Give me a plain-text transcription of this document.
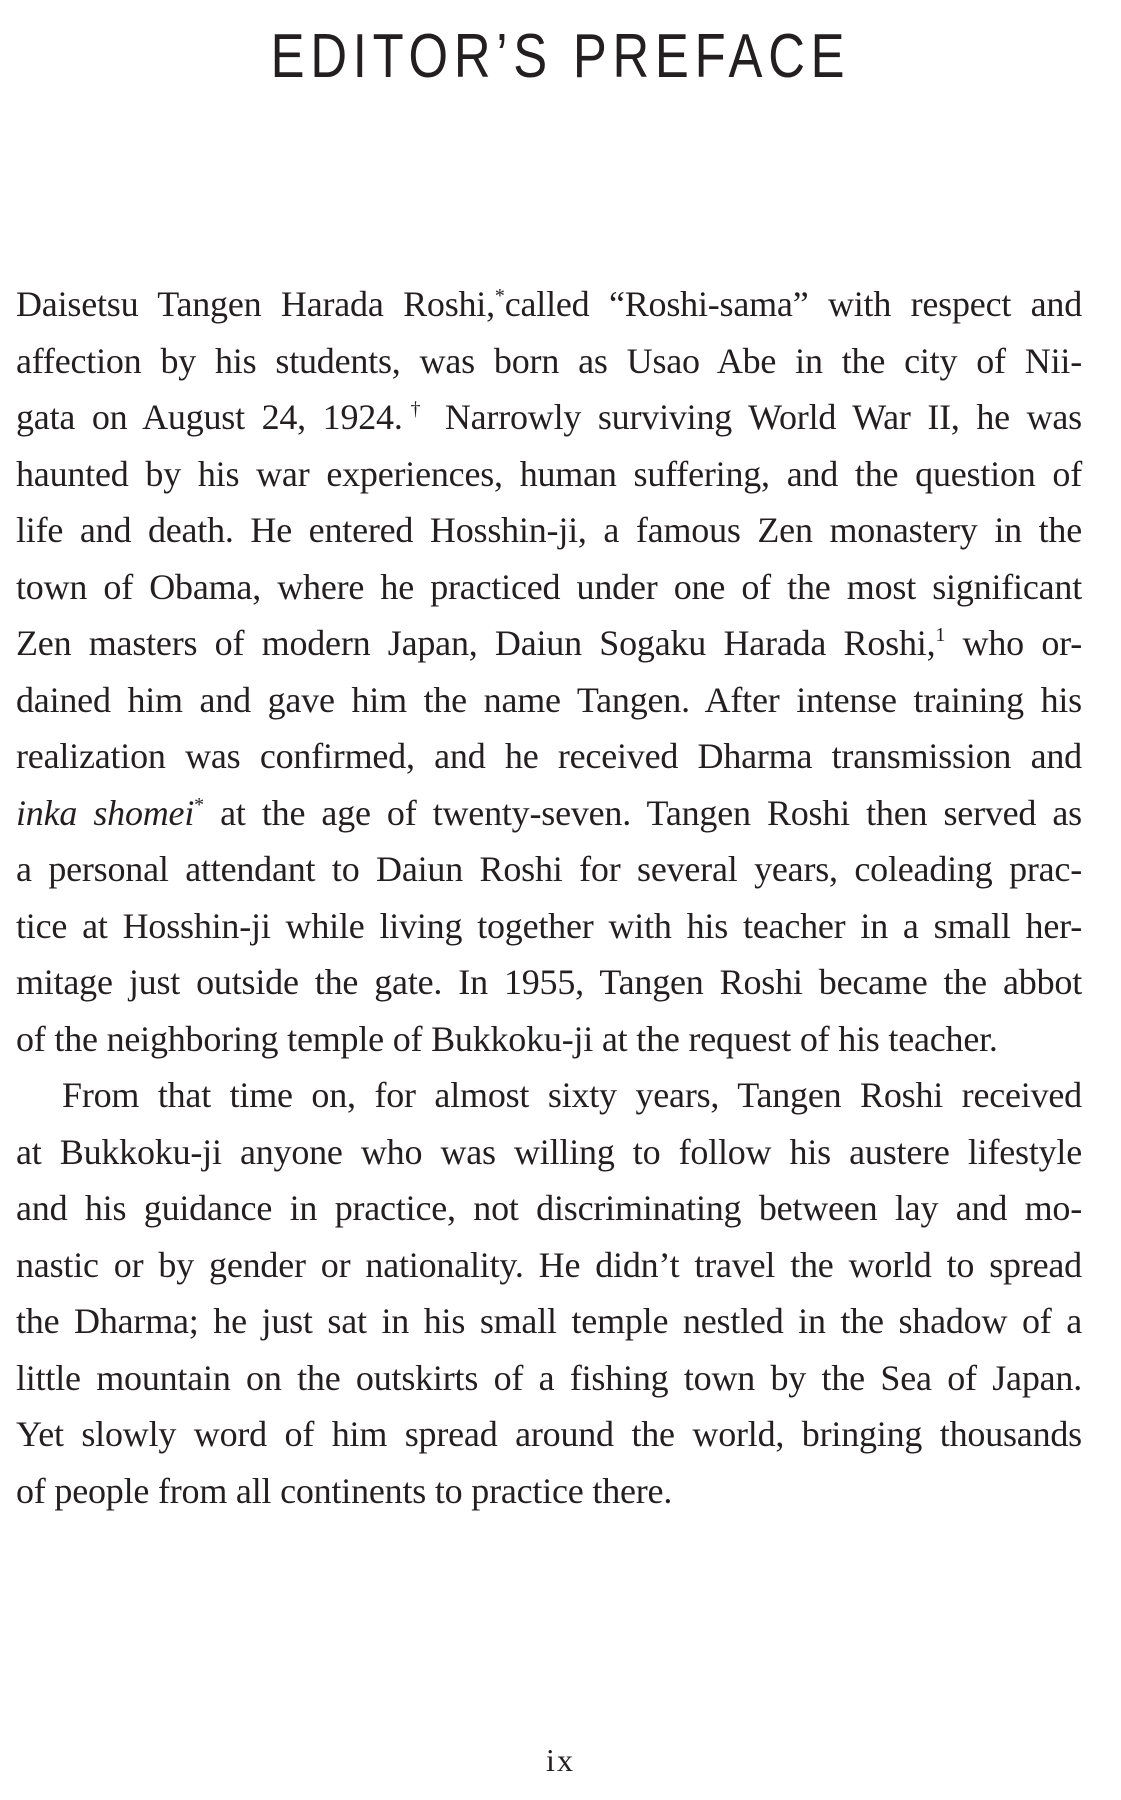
EDITOR’S PREFACE

Daisetsu Tangen Harada Roshi,*called “Roshi-sama” with respect and
affection by his students, was born as Usao Abe in the city of Nii-
gata on August 24, 1924.† Narrowly surviving World War II, he was
haunted by his war experiences, human suffering, and the question of
life and death. He entered Hosshin-ji, a famous Zen monastery in the
town of Obama, where he practiced under one of the most significant
Zen masters of modern Japan, Daiun Sogaku Harada Roshi,$^1$ who or-
dained him and gave him the name Tangen. After intense training his
realization was confirmed, and he received Dharma transmission and
inka shomei* at the age of twenty-seven. Tangen Roshi then served as
a personal attendant to Daiun Roshi for several years, coleading prac-
tice at Hosshin-ji while living together with his teacher in a small her-
mitage just outside the gate. In 1955, Tangen Roshi became the abbot
of the neighboring temple of Bukkoku-ji at the request of his teacher.

From that time on, for almost sixty years, Tangen Roshi received
at Bukkoku-ji anyone who was willing to follow his austere lifestyle
and his guidance in practice, not discriminating between lay and mo-
nastic or by gender or nationality. He didn’t travel the world to spread
the Dharma; he just sat in his small temple nestled in the shadow of a
little mountain on the outskirts of a fishing town by the Sea of Japan.
Yet slowly word of him spread around the world, bringing thousands
of people from all continents to practice there.

ix
